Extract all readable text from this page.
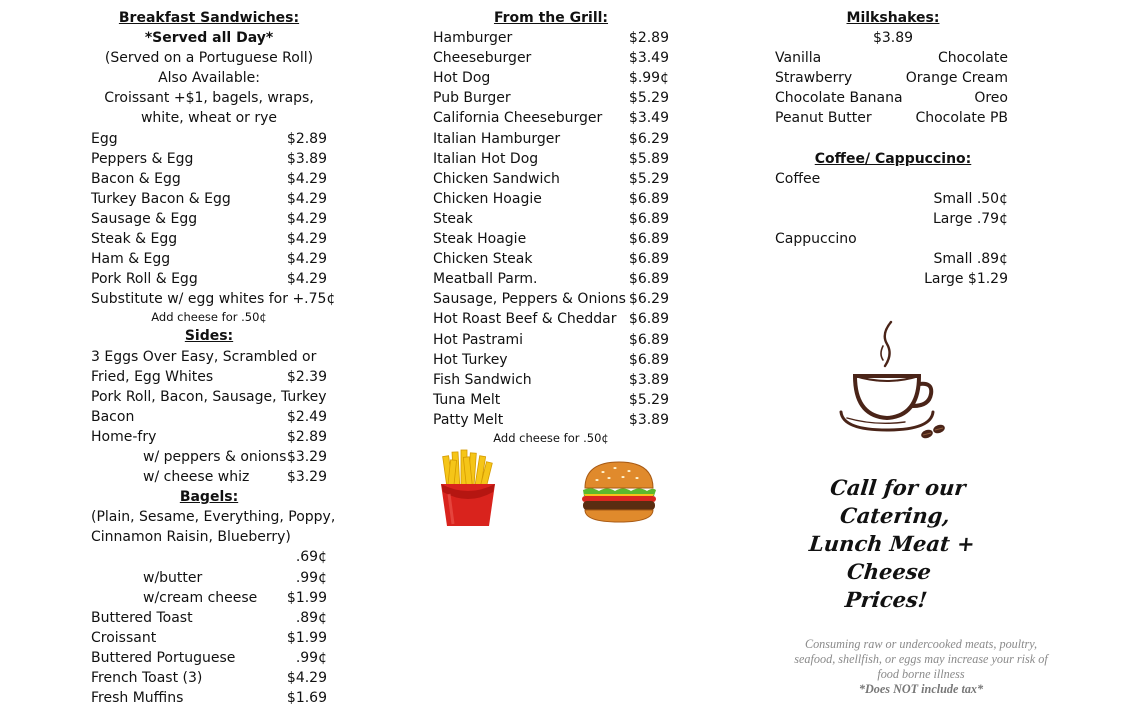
Breakfast Sandwiches:
*Served all Day*
(Served on a Portuguese Roll)
Also Available:
Croissant +$1, bagels, wraps,
white, wheat or rye
Egg	$2.89
Peppers & Egg	$3.89
Bacon & Egg	$4.29
Turkey Bacon & Egg	$4.29
Sausage & Egg	$4.29
Steak & Egg	$4.29
Ham & Egg	$4.29
Pork Roll & Egg	$4.29
Substitute w/ egg whites for +.75¢
Add cheese for .50¢
Sides:
3 Eggs Over Easy, Scrambled or
Fried, Egg Whites	$2.39
Pork Roll, Bacon, Sausage, Turkey
Bacon	$2.49
Home-fry	$2.89
w/ peppers & onions $3.29
w/ cheese whiz	$3.29
Bagels:
(Plain, Sesame, Everything, Poppy,
Cinnamon Raisin, Blueberry)
.69¢
w/butter	.99¢
w/cream cheese $1.99
Buttered Toast	.89¢
Croissant	$1.99
Buttered Portuguese	.99¢
French Toast (3)	$4.29
Fresh Muffins	$1.69
From the Grill:
Hamburger	$2.89
Cheeseburger	$3.49
Hot Dog	$.99¢
Pub Burger	$5.29
California Cheeseburger $3.49
Italian Hamburger	$6.29
Italian Hot Dog	$5.89
Chicken Sandwich	$5.29
Chicken Hoagie	$6.89
Steak	$6.89
Steak Hoagie	$6.89
Chicken Steak	$6.89
Meatball Parm.	$6.89
Sausage, Peppers & Onions $6.29
Hot Roast Beef & Cheddar $6.89
Hot Pastrami	$6.89
Hot Turkey	$6.89
Fish Sandwich	$3.89
Tuna Melt	$5.29
Patty Melt	$3.89
Add cheese for .50¢
Milkshakes:
$3.89
Vanilla	Chocolate
Strawberry	Orange Cream
Chocolate Banana	Oreo
Peanut Butter	Chocolate PB
Coffee/ Cappuccino:
Coffee
Small .50¢
Large .79¢
Cappuccino
Small .89¢
Large $1.29
Call for our Catering,
Lunch Meat + Cheese
Prices!
Consuming raw or undercooked meats, poultry,
seafood, shellfish, or eggs may increase your risk of
food borne illness
*Does NOT include tax*
